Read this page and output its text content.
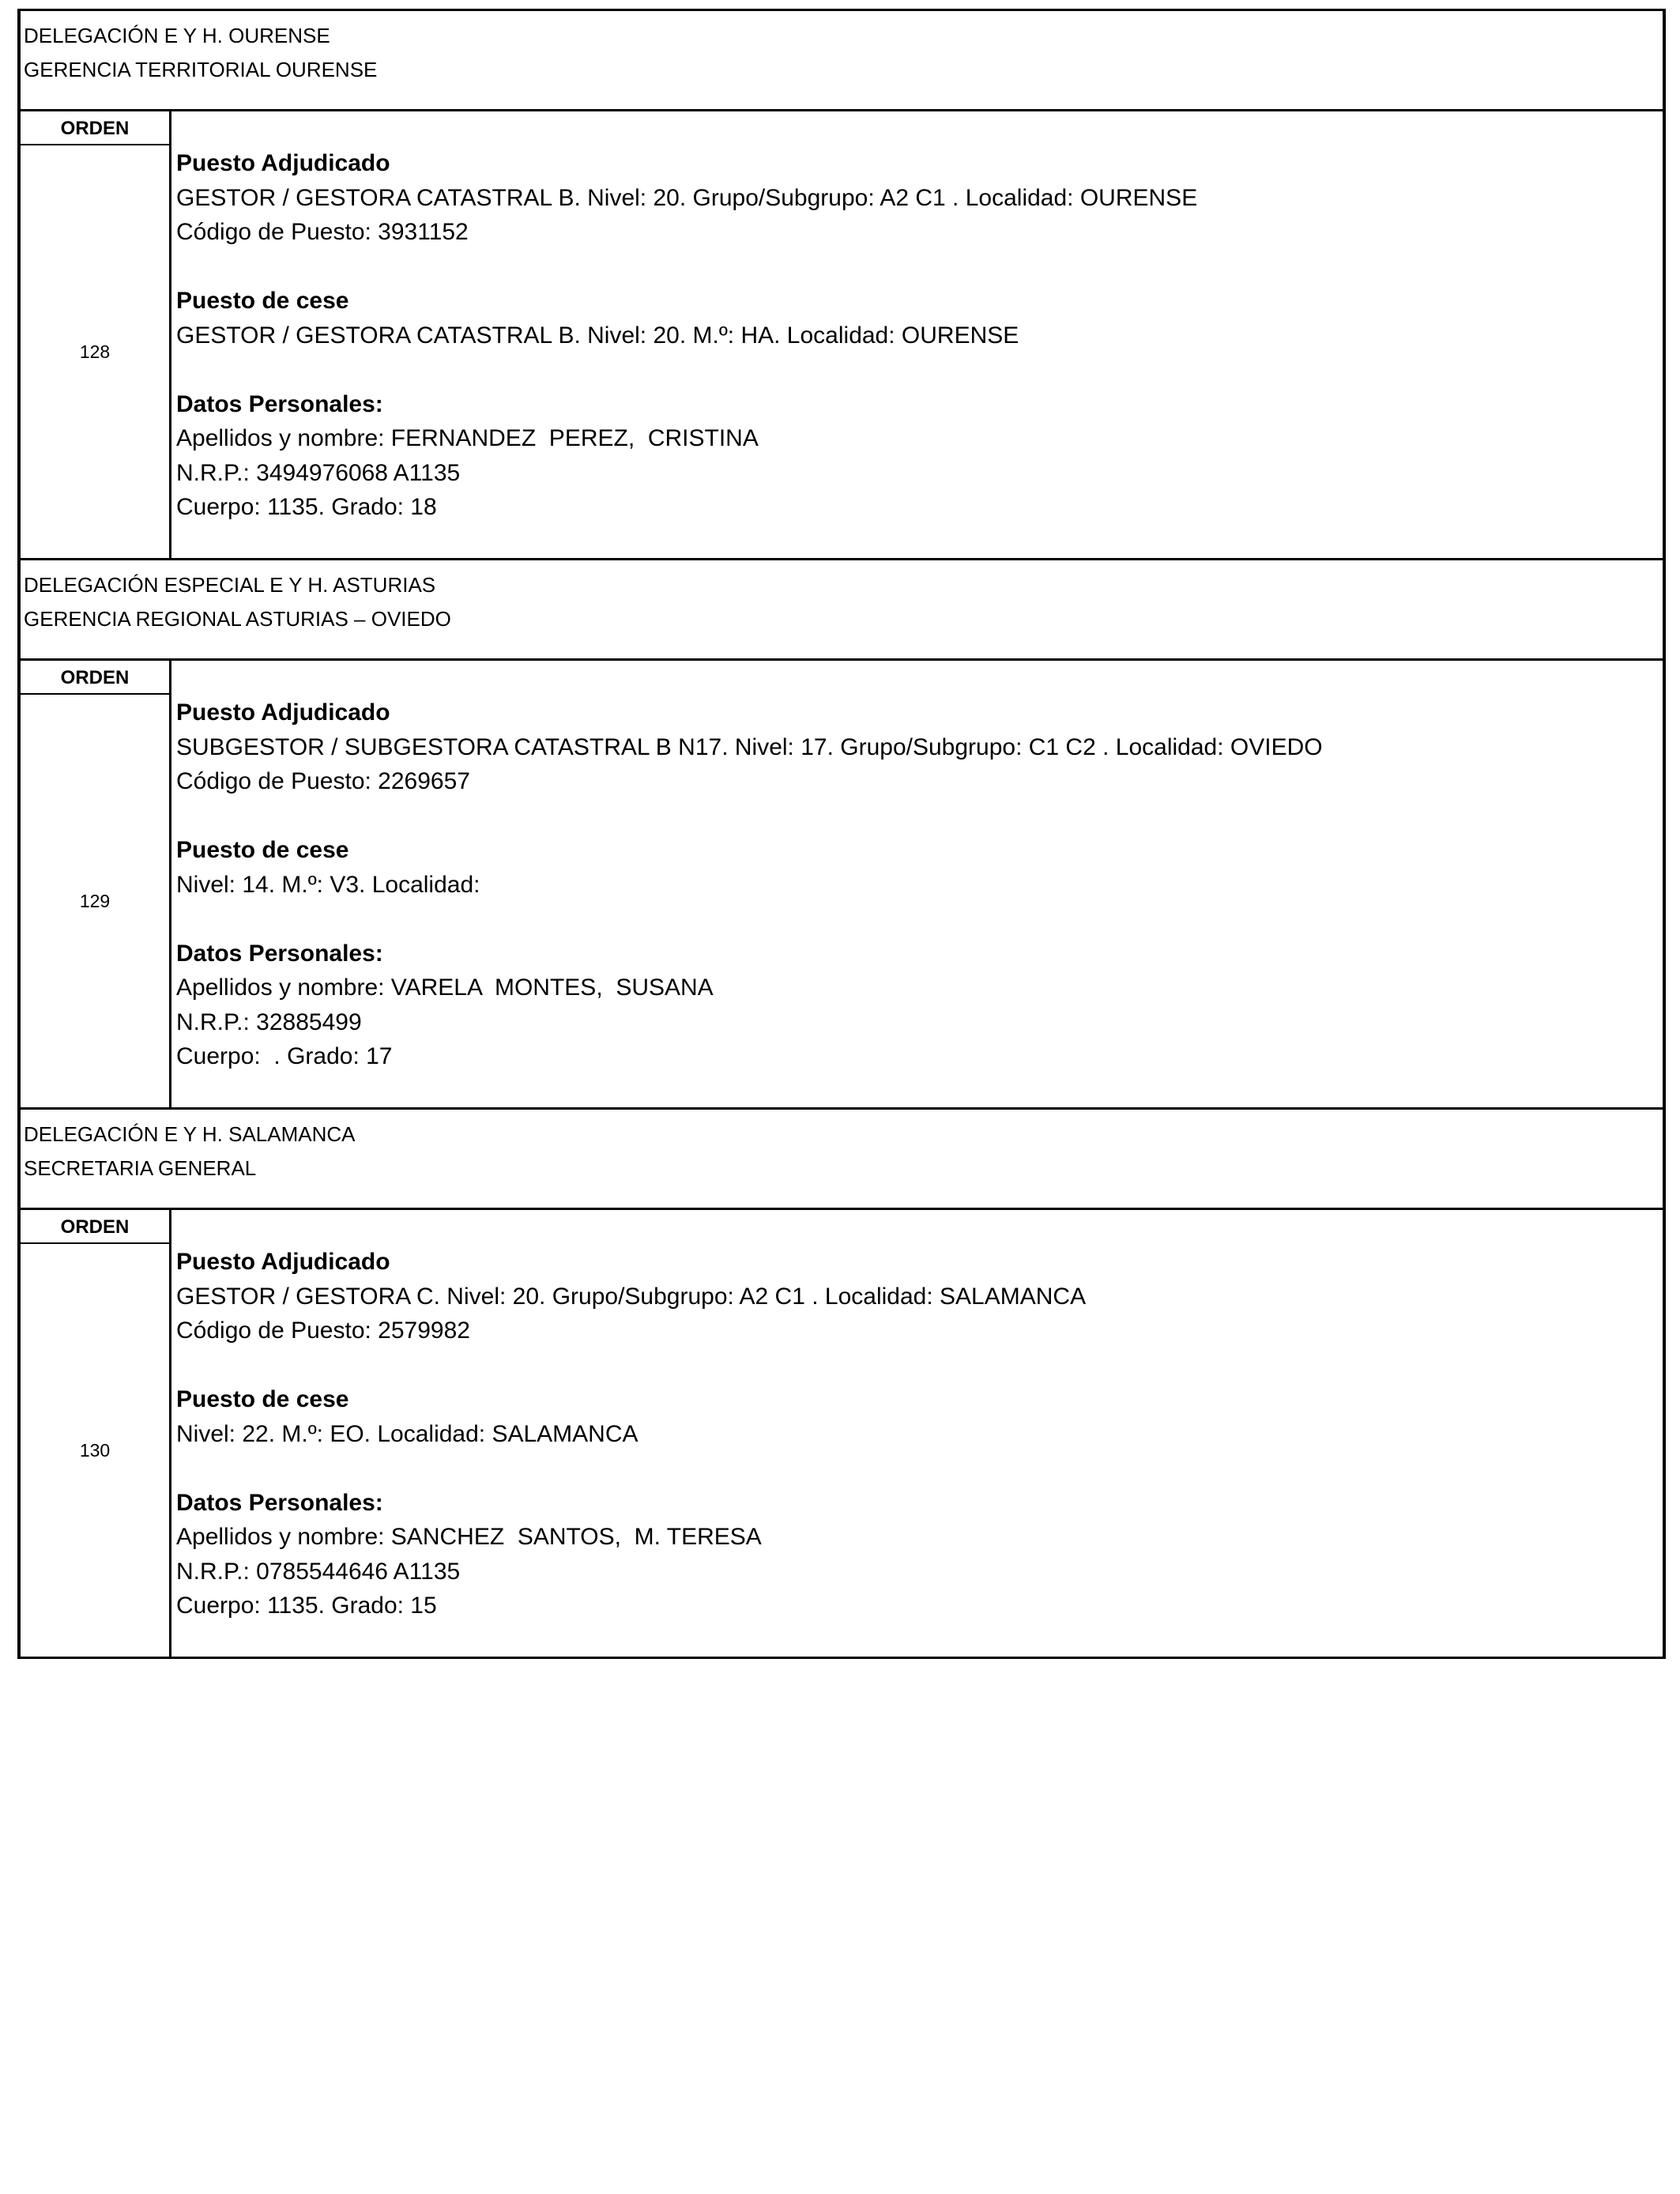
DELEGACIÓN E Y H. OURENSE
GERENCIA TERRITORIAL OURENSE
ORDEN
128
Puesto Adjudicado
GESTOR / GESTORA CATASTRAL B. Nivel: 20. Grupo/Subgrupo: A2 C1 . Localidad: OURENSE
Código de Puesto: 3931152
Puesto de cese
GESTOR / GESTORA CATASTRAL B. Nivel: 20. M.º: HA. Localidad: OURENSE
Datos Personales:
Apellidos y nombre: FERNANDEZ  PEREZ,  CRISTINA
N.R.P.: 3494976068 A1135
Cuerpo: 1135. Grado: 18
DELEGACIÓN ESPECIAL E Y H. ASTURIAS
GERENCIA REGIONAL ASTURIAS – OVIEDO
ORDEN
129
Puesto Adjudicado
SUBGESTOR / SUBGESTORA CATASTRAL B N17. Nivel: 17. Grupo/Subgrupo: C1 C2 . Localidad: OVIEDO
Código de Puesto: 2269657
Puesto de cese
Nivel: 14. M.º: V3. Localidad:
Datos Personales:
Apellidos y nombre: VARELA  MONTES,  SUSANA
N.R.P.: 32885499
Cuerpo:  . Grado: 17
DELEGACIÓN E Y H. SALAMANCA
SECRETARIA GENERAL
ORDEN
130
Puesto Adjudicado
GESTOR / GESTORA C. Nivel: 20. Grupo/Subgrupo: A2 C1 . Localidad: SALAMANCA
Código de Puesto: 2579982
Puesto de cese
Nivel: 22. M.º: EO. Localidad: SALAMANCA
Datos Personales:
Apellidos y nombre: SANCHEZ  SANTOS,  M. TERESA
N.R.P.: 0785544646 A1135
Cuerpo: 1135. Grado: 15
